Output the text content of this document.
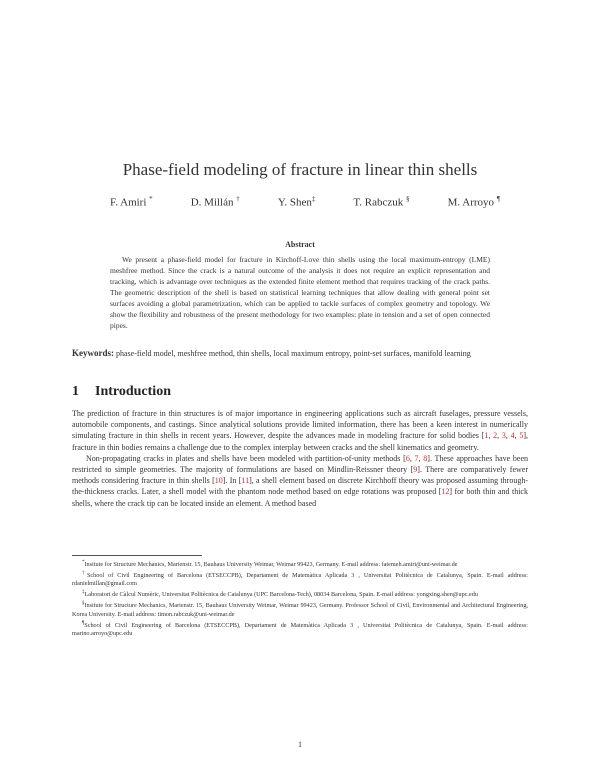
Phase-field modeling of fracture in linear thin shells
F. Amiri *	D. Millán †	Y. Shen‡	T. Rabczuk §	M. Arroyo ¶
Abstract
We present a phase-field model for fracture in Kirchoff-Love thin shells using the local maximum-entropy (LME) meshfree method. Since the crack is a natural outcome of the analysis it does not require an explicit representation and tracking, which is advantage over techniques as the extended finite element method that requires tracking of the crack paths. The geometric description of the shell is based on statistical learning techniques that allow dealing with general point set surfaces avoiding a global parametrization, which can be applied to tackle surfaces of complex geometry and topology. We show the flexibility and robustness of the present methodology for two examples: plate in tension and a set of open connected pipes.
Keywords: phase-field model, meshfree method, thin shells, local maximum entropy, point-set surfaces, manifold learning
1 Introduction

The prediction of fracture in thin structures is of major importance in engineering applications such as aircraft fuselages, pressure vessels, automobile components, and castings. Since analytical solutions provide limited information, there has been a keen interest in numerically simulating fracture in thin shells in recent years. However, despite the advances made in modeling fracture for solid bodies [1, 2, 3, 4, 5], fracture in thin bodies remains a challenge due to the complex interplay between cracks and the shell kinematics and geometry.

Non-propagating cracks in plates and shells have been modeled with partition-of-unity methods [6, 7, 8]. These approaches have been restricted to simple geometries. The majority of formulations are based on Mindlin-Reissner theory [9]. There are comparatively fewer methods considering fracture in thin shells [10]. In [11], a shell element based on discrete Kirchhoff theory was proposed assuming through-the-thickness cracks. Later, a shell model with the phantom node method based on edge rotations was proposed [12] for both thin and thick shells, where the crack tip can be located inside an element. A method based

*Insitute for Structure Mechanics, Marienstr. 15, Bauhaus University Weimar, Weimar 99423, Germany. E-mail address: fatemeh.amiri@uni-weimar.de

†School of Civil Engineering of Barcelona (ETSECCPB), Departament de Matemàtica Aplicada 3 , Universitat Politècnica de Catalunya, Spain. E-mail address: rdanielmillan@gmail.com

‡Laboratori de Càlcul Numèric, Universitat Politècnica de Catalunya (UPC Barcelona-Tech), 08034 Barcelona, Spain. E-mail address: yongxing.shen@upc.edu

§Insitute for Structure Mechanics, Marienstr. 15, Bauhaus University Weimar, Weimar 99423, Germany. Professor School of Civil, Environmental and Architectural Engineering, Korea University. E-mail address: timon.rabczuk@uni-weimar.de

¶School of Civil Engineering of Barcelona (ETSECCPB), Departament de Matemàtica Aplicada 3 , Universitat Politècnica de Catalunya, Spain. E-mail address: marino.arroyo@upc.edu

1
